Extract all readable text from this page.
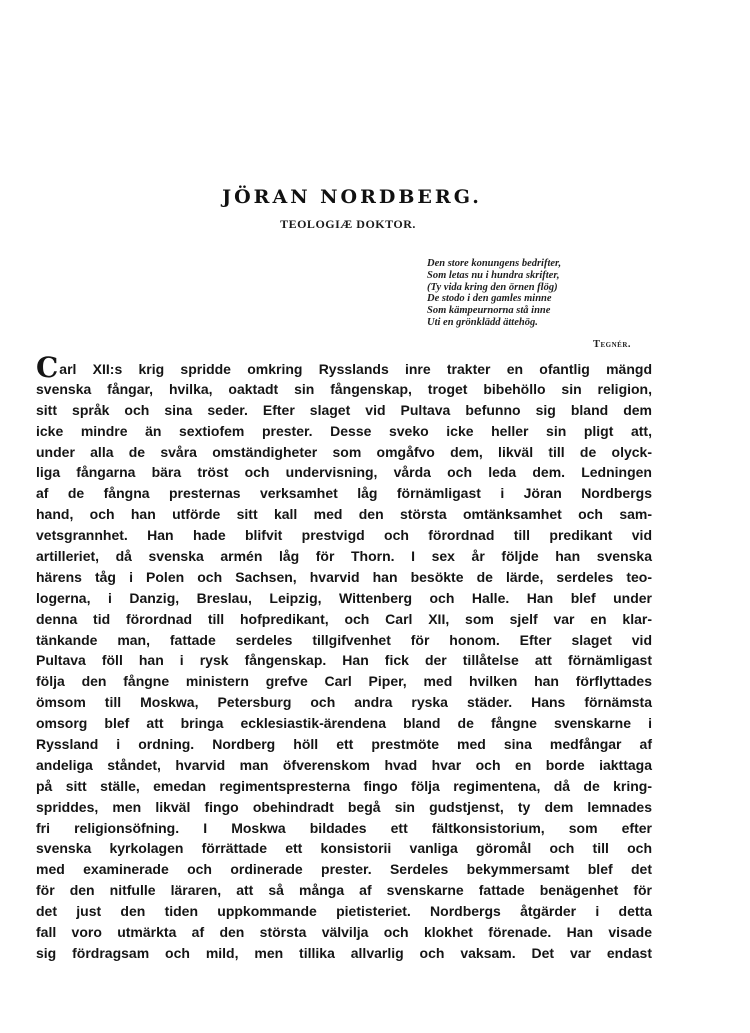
JÖRAN NORDBERG.
TEOLOGIÆ DOKTOR.
Den store konungens bedrifter,
Som letas nu i hundra skrifter,
(Ty vida kring den örnen flög)
De stodo i den gamles minne
Som kämpeurnorna stå inne
Uti en grönklädd ättehög.
Tegnér.
Carl XII:s krig spridde omkring Rysslands inre trakter en ofantlig mängd
svenska fångar, hvilka, oaktadt sin fångenskap, troget bibehöllo sin religion,
sitt språk och sina seder. Efter slaget vid Pultava befunno sig bland dem
icke mindre än sextiofem prester. Desse sveko icke heller sin pligt att,
under alla de svåra omständigheter som omgåfvo dem, likväl till de olyck-
liga fångarna bära tröst och undervisning, vårda och leda dem. Ledningen
af de fångna presternas verksamhet låg förnämligast i Jöran Nordbergs
hand, och han utförde sitt kall med den största omtänksamhet och sam-
vetsgrannhet. Han hade blifvit prestvigd och förordnad till predikant vid
artilleriet, då svenska armén låg för Thorn. I sex år följde han svenska
härens tåg i Polen och Sachsen, hvarvid han besökte de lärde, serdeles teo-
logerna, i Danzig, Breslau, Leipzig, Wittenberg och Halle. Han blef under
denna tid förordnad till hofpredikant, och Carl XII, som sjelf var en klar-
tänkande man, fattade serdeles tillgifvenhet för honom. Efter slaget vid
Pultava föll han i rysk fångenskap. Han fick der tillåtelse att förnämligast
följa den fångne ministern grefve Carl Piper, med hvilken han förflyttades
ömsom till Moskwa, Petersburg och andra ryska städer. Hans förnämsta
omsorg blef att bringa ecklesiastik-ärendena bland de fångne svenskarne i
Ryssland i ordning. Nordberg höll ett prestmöte med sina medfångar af
andeliga ståndet, hvarvid man öfverenskom hvad hvar och en borde iakttaga
på sitt ställe, emedan regimentspresterna fingo följa regimentena, då de kring-
spriddes, men likväl fingo obehindradt begå sin gudstjenst, ty dem lemnades
fri religionsöfning. I Moskwa bildades ett fältkonsistorium, som efter
svenska kyrkolagen förrättade ett konsistorii vanliga göromål och till och
med examinerade och ordinerade prester. Serdeles bekymmersamt blef det
för den nitfulle läraren, att så många af svenskarne fattade benägenhet för
det just den tiden uppkommande pietisteriet. Nordbergs åtgärder i detta
fall voro utmärkta af den största välvilja och klokhet förenade. Han visade
sig fördragsam och mild, men tillika allvarlig och vaksam. Det var endast
